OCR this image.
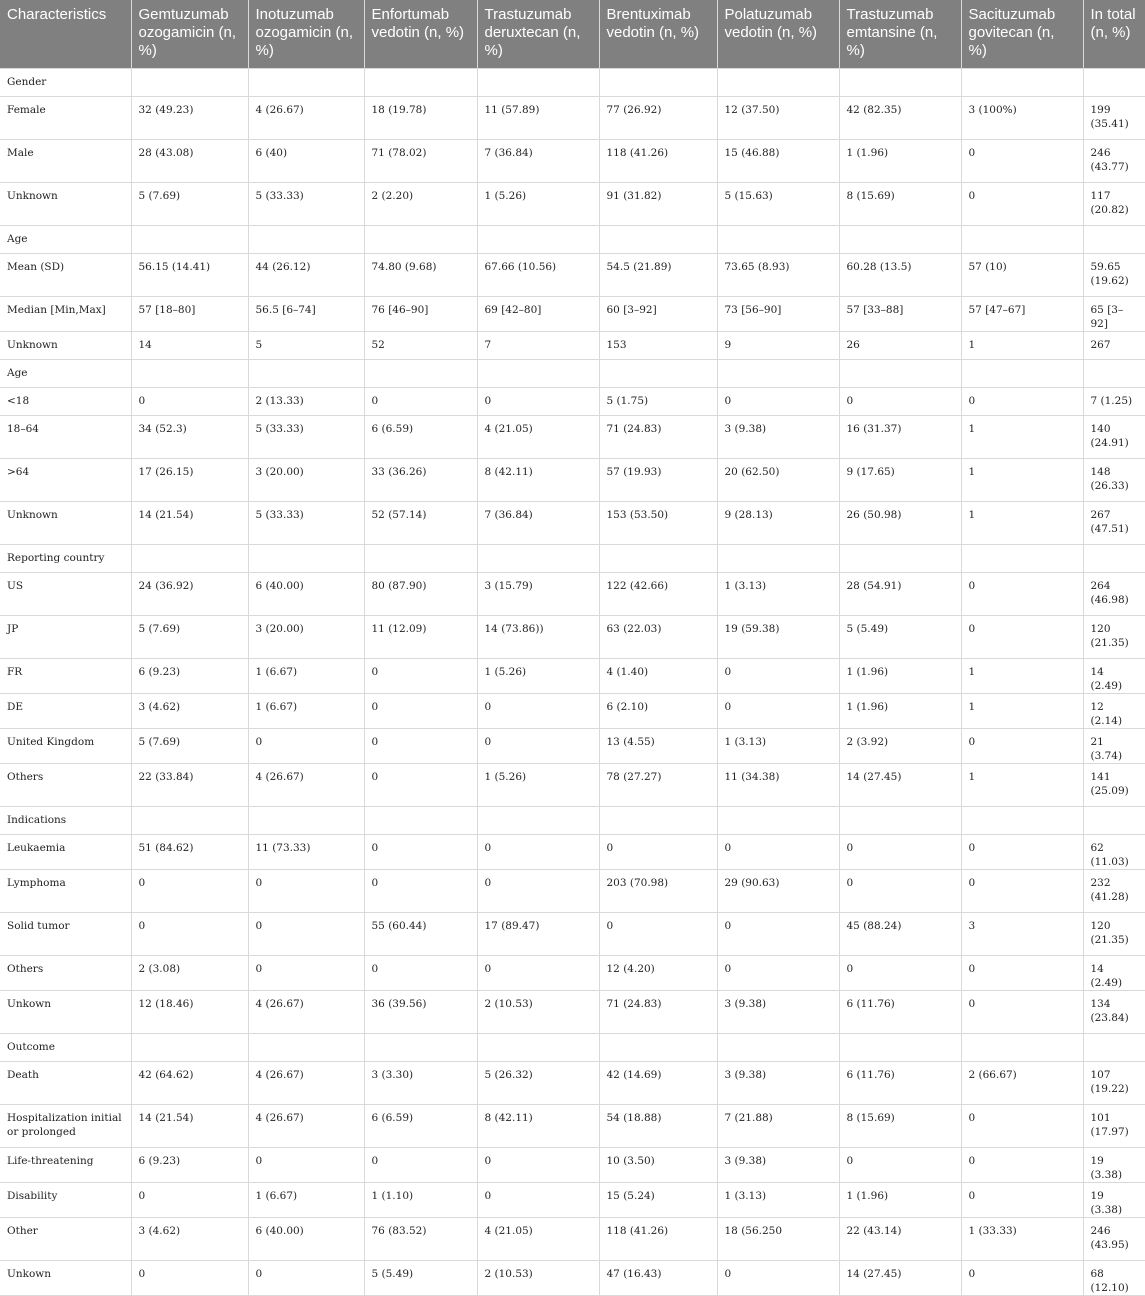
Characteristics	Gemtuzumab ozogamicin (n, %)	Inotuzumab ozogamicin (n, %)	Enfortumab vedotin (n, %)	Trastuzumab deruxtecan (n, %)	Brentuximab vedotin (n, %)	Polatuzumab vedotin (n, %)	Trastuzumab emtansine (n, %)	Sacituzumab govitecan (n, %)	In total (n, %)
Gender									
Female	32 (49.23)	4 (26.67)	18 (19.78)	11 (57.89)	77 (26.92)	12 (37.50)	42 (82.35)	3 (100%)	199 (35.41)
Male	28 (43.08)	6 (40)	71 (78.02)	7 (36.84)	118 (41.26)	15 (46.88)	1 (1.96)	0	246 (43.77)
Unknown	5 (7.69)	5 (33.33)	2 (2.20)	1 (5.26)	91 (31.82)	5 (15.63)	8 (15.69)	0	117 (20.82)
Age									
Mean (SD)	56.15 (14.41)	44 (26.12)	74.80 (9.68)	67.66 (10.56)	54.5 (21.89)	73.65 (8.93)	60.28 (13.5)	57 (10)	59.65 (19.62)
Median [Min,Max]	57 [18–80]	56.5 [6–74]	76 [46–90]	69 [42–80]	60 [3–92]	73 [56–90]	57 [33–88]	57 [47–67]	65 [3–92]
Unknown	14	5	52	7	153	9	26	1	267
Age									
<18	0	2 (13.33)	0	0	5 (1.75)	0	0	0	7 (1.25)
18–64	34 (52.3)	5 (33.33)	6 (6.59)	4 (21.05)	71 (24.83)	3 (9.38)	16 (31.37)	1	140 (24.91)
>64	17 (26.15)	3 (20.00)	33 (36.26)	8 (42.11)	57 (19.93)	20 (62.50)	9 (17.65)	1	148 (26.33)
Unknown	14 (21.54)	5 (33.33)	52 (57.14)	7 (36.84)	153 (53.50)	9 (28.13)	26 (50.98)	1	267 (47.51)
Reporting country									
US	24 (36.92)	6 (40.00)	80 (87.90)	3 (15.79)	122 (42.66)	1 (3.13)	28 (54.91)	0	264 (46.98)
JP	5 (7.69)	3 (20.00)	11 (12.09)	14 (73.86))	63 (22.03)	19 (59.38)	5 (5.49)	0	120 (21.35)
FR	6 (9.23)	1 (6.67)	0	1 (5.26)	4 (1.40)	0	1 (1.96)	1	14 (2.49)
DE	3 (4.62)	1 (6.67)	0	0	6 (2.10)	0	1 (1.96)	1	12 (2.14)
United Kingdom	5 (7.69)	0	0	0	13 (4.55)	1 (3.13)	2 (3.92)	0	21 (3.74)
Others	22 (33.84)	4 (26.67)	0	1 (5.26)	78 (27.27)	11 (34.38)	14 (27.45)	1	141 (25.09)
Indications									
Leukaemia	51 (84.62)	11 (73.33)	0	0	0	0	0	0	62 (11.03)
Lymphoma	0	0	0	0	203 (70.98)	29 (90.63)	0	0	232 (41.28)
Solid tumor	0	0	55 (60.44)	17 (89.47)	0	0	45 (88.24)	3	120 (21.35)
Others	2 (3.08)	0	0	0	12 (4.20)	0	0	0	14 (2.49)
Unkown	12 (18.46)	4 (26.67)	36 (39.56)	2 (10.53)	71 (24.83)	3 (9.38)	6 (11.76)	0	134 (23.84)
Outcome									
Death	42 (64.62)	4 (26.67)	3 (3.30)	5 (26.32)	42 (14.69)	3 (9.38)	6 (11.76)	2 (66.67)	107 (19.22)
Hospitalization initial or prolonged	14 (21.54)	4 (26.67)	6 (6.59)	8 (42.11)	54 (18.88)	7 (21.88)	8 (15.69)	0	101 (17.97)
Life-threatening	6 (9.23)	0	0	0	10 (3.50)	3 (9.38)	0	0	19 (3.38)
Disability	0	1 (6.67)	1 (1.10)	0	15 (5.24)	1 (3.13)	1 (1.96)	0	19 (3.38)
Other	3 (4.62)	6 (40.00)	76 (83.52)	4 (21.05)	118 (41.26)	18 (56.250	22 (43.14)	1 (33.33)	246 (43.95)
Unkown	0	0	5 (5.49)	2 (10.53)	47 (16.43)	0	14 (27.45)	0	68 (12.10)
